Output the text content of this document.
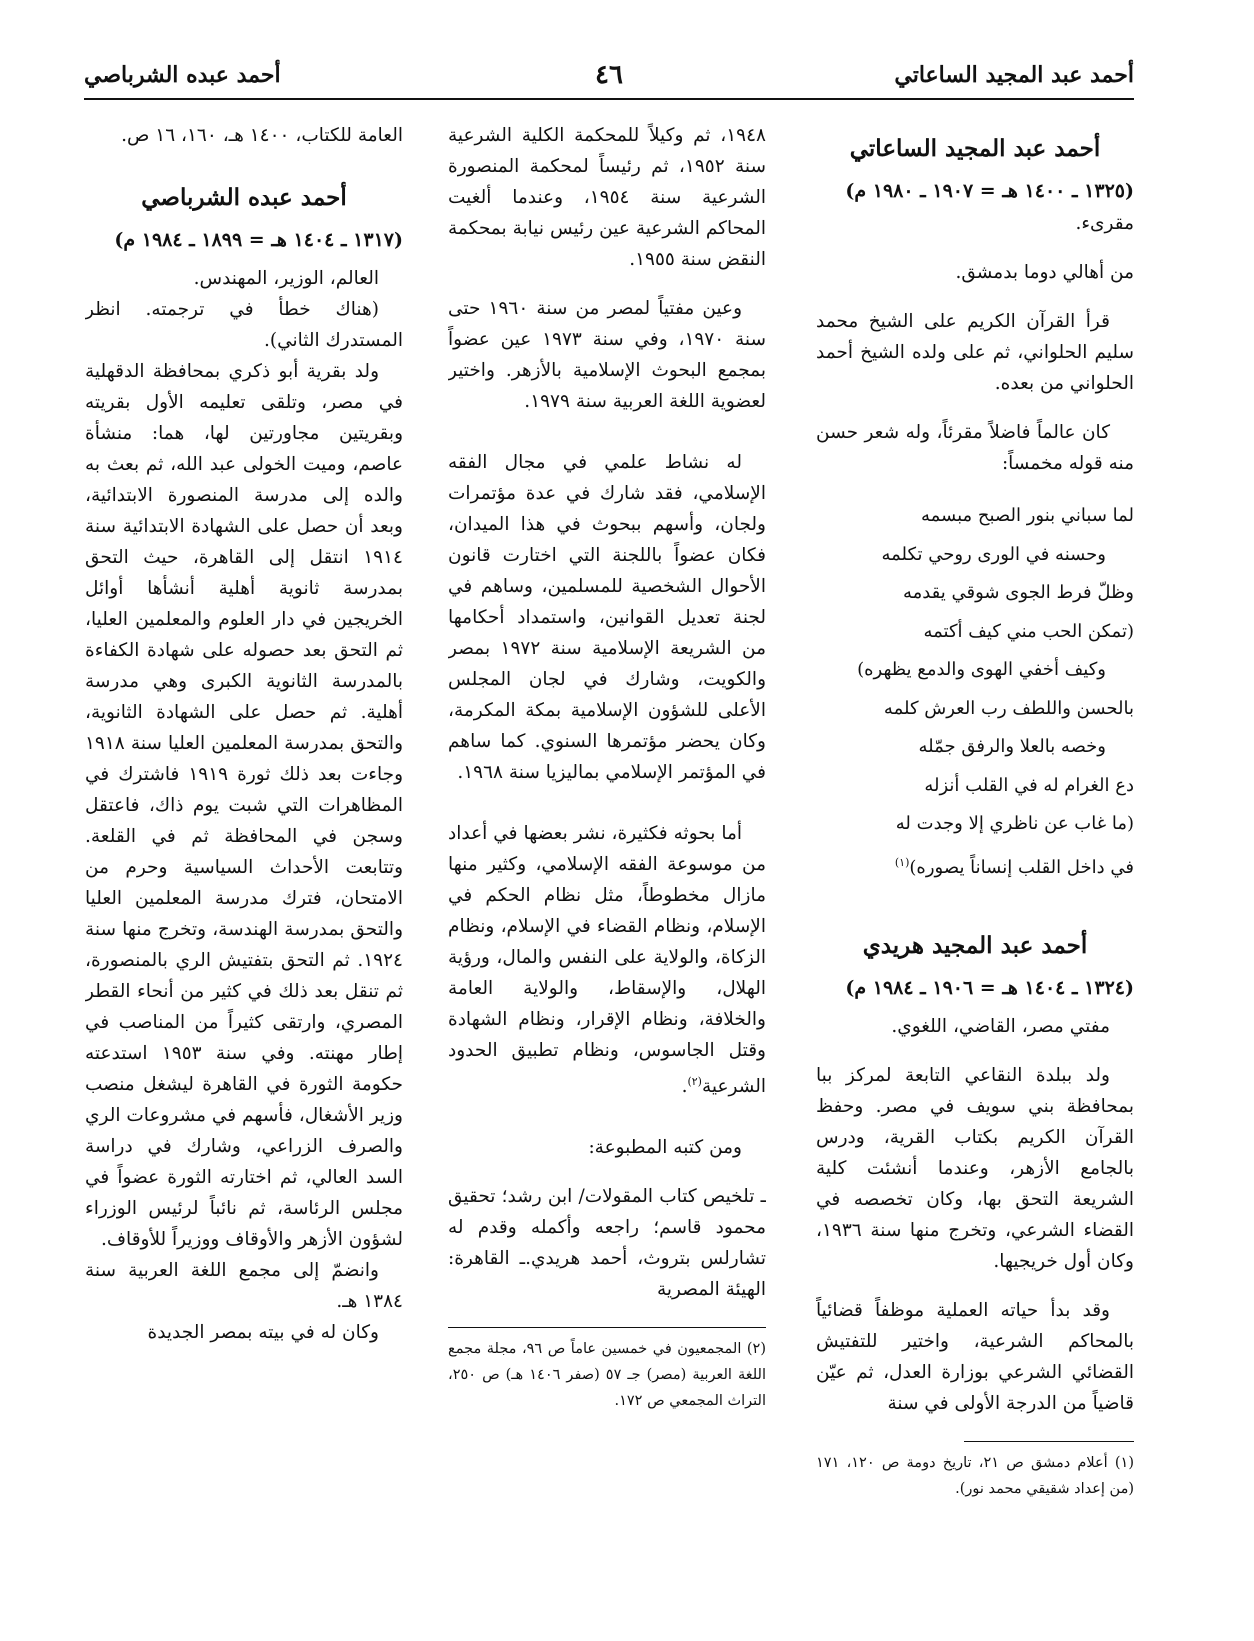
أحمد عبد المجيد الساعاتي
٤٦
أحمد عبده الشرباصي
أحمد عبد المجيد الساعاتي
(١٣٢٥ ـ ١٤٠٠ هـ = ١٩٠٧ ـ ١٩٨٠ م)

مقرىء.

من أهالي دوما بدمشق.

قرأ القرآن الكريم على الشيخ محمد سليم الحلواني، ثم على ولده الشيخ أحمد الحلواني من بعده.

كان عالماً فاضلاً مقرئاً، وله شعر حسن منه قوله مخمساً:

لما سباني بنور الصبح مبسمه
وحسنه في الورى روحي تكلمه
وظلّ فرط الجوى شوقي يقدمه
(تمكن الحب مني كيف أكتمه
وكيف أخفي الهوى والدمع يظهره)
بالحسن واللطف رب العرش كلمه
وخصه بالعلا والرفق جمّله
دع الغرام له في القلب أنزله
(ما غاب عن ناظري إلا وجدت له
في داخل القلب إنساناً يصوره)$^{(١)}$
أحمد عبد المجيد هريدي
(١٣٢٤ ـ ١٤٠٤ هـ = ١٩٠٦ ـ ١٩٨٤ م)

مفتي مصر، القاضي، اللغوي.

ولد ببلدة النقاعي التابعة لمركز ببا بمحافظة بني سويف في مصر. وحفظ القرآن الكريم بكتاب القرية، ودرس بالجامع الأزهر، وعندما أنشئت كلية الشريعة التحق بها، وكان تخصصه في القضاء الشرعي، وتخرج منها سنة ١٩٣٦، وكان أول خريجيها.

وقد بدأ حياته العملية موظفاً قضائياً بالمحاكم الشرعية، واختير للتفتيش القضائي الشرعي بوزارة العدل، ثم عيّن قاضياً من الدرجة الأولى في سنة

(١) أعلام دمشق ص ٢١، تاريخ دومة ص ١٢٠، ١٧١ (من إعداد شقيقي محمد نور).

١٩٤٨، ثم وكيلاً للمحكمة الكلية الشرعية سنة ١٩٥٢، ثم رئيساً لمحكمة المنصورة الشرعية سنة ١٩٥٤، وعندما ألغيت المحاكم الشرعية عين رئيس نيابة بمحكمة النقض سنة ١٩٥٥.

وعين مفتياً لمصر من سنة ١٩٦٠ حتى سنة ١٩٧٠، وفي سنة ١٩٧٣ عين عضواً بمجمع البحوث الإسلامية بالأزهر. واختير لعضوية اللغة العربية سنة ١٩٧٩.

له نشاط علمي في مجال الفقه الإسلامي، فقد شارك في عدة مؤتمرات ولجان، وأسهم ببحوث في هذا الميدان، فكان عضواً باللجنة التي اختارت قانون الأحوال الشخصية للمسلمين، وساهم في لجنة تعديل القوانين، واستمداد أحكامها من الشريعة الإسلامية سنة ١٩٧٢ بمصر والكويت، وشارك في لجان المجلس الأعلى للشؤون الإسلامية بمكة المكرمة، وكان يحضر مؤتمرها السنوي. كما ساهم في المؤتمر الإسلامي بماليزيا سنة ١٩٦٨.

أما بحوثه فكثيرة، نشر بعضها في أعداد من موسوعة الفقه الإسلامي، وكثير منها مازال مخطوطاً، مثل نظام الحكم في الإسلام، ونظام القضاء في الإسلام، ونظام الزكاة، والولاية على النفس والمال، ورؤية الهلال، والإسقاط، والولاية العامة والخلافة، ونظام الإقرار، ونظام الشهادة وقتل الجاسوس، ونظام تطبيق الحدود الشرعية$^{(٢)}$.

ومن كتبه المطبوعة:

ـ تلخيص كتاب المقولات/ ابن رشد؛ تحقيق محمود قاسم؛ راجعه وأكمله وقدم له تشارلس بتروث، أحمد هريدي.ـ القاهرة: الهيئة المصرية

(٢) المجمعيون في خمسين عاماً ص ٩٦، مجلة مجمع اللغة العربية (مصر) جـ ٥٧ (صفر ١٤٠٦ هـ) ص ٢٥٠، التراث المجمعي ص ١٧٢.

العامة للكتاب، ١٤٠٠ هـ، ١٦٠، ١٦ ص.

أحمد عبده الشرباصي
(١٣١٧ ـ ١٤٠٤ هـ = ١٨٩٩ ـ ١٩٨٤ م)

العالم، الوزير، المهندس.

(هناك خطأ في ترجمته. انظر المستدرك الثاني).

ولد بقرية أبو ذكري بمحافظة الدقهلية في مصر، وتلقى تعليمه الأول بقريته وبقريتين مجاورتين لها، هما: منشأة عاصم، وميت الخولى عبد الله، ثم بعث به والده إلى مدرسة المنصورة الابتدائية، وبعد أن حصل على الشهادة الابتدائية سنة ١٩١٤ انتقل إلى القاهرة، حيث التحق بمدرسة ثانوية أهلية أنشأها أوائل الخريجين في دار العلوم والمعلمين العليا، ثم التحق بعد حصوله على شهادة الكفاءة بالمدرسة الثانوية الكبرى وهي مدرسة أهلية. ثم حصل على الشهادة الثانوية، والتحق بمدرسة المعلمين العليا سنة ١٩١٨ وجاءت بعد ذلك ثورة ١٩١٩ فاشترك في المظاهرات التي شبت يوم ذاك، فاعتقل وسجن في المحافظة ثم في القلعة. وتتابعت الأحداث السياسية وحرم من الامتحان، فترك مدرسة المعلمين العليا والتحق بمدرسة الهندسة، وتخرج منها سنة ١٩٢٤. ثم التحق بتفتيش الري بالمنصورة، ثم تنقل بعد ذلك في كثير من أنحاء القطر المصري، وارتقى كثيراً من المناصب في إطار مهنته. وفي سنة ١٩٥٣ استدعته حكومة الثورة في القاهرة ليشغل منصب وزير الأشغال، فأسهم في مشروعات الري والصرف الزراعي، وشارك في دراسة السد العالي، ثم اختارته الثورة عضواً في مجلس الرئاسة، ثم نائباً لرئيس الوزراء لشؤون الأزهر والأوقاف ووزيراً للأوقاف.

وانضمّ إلى مجمع اللغة العربية سنة ١٣٨٤ هـ.

وكان له في بيته بمصر الجديدة
